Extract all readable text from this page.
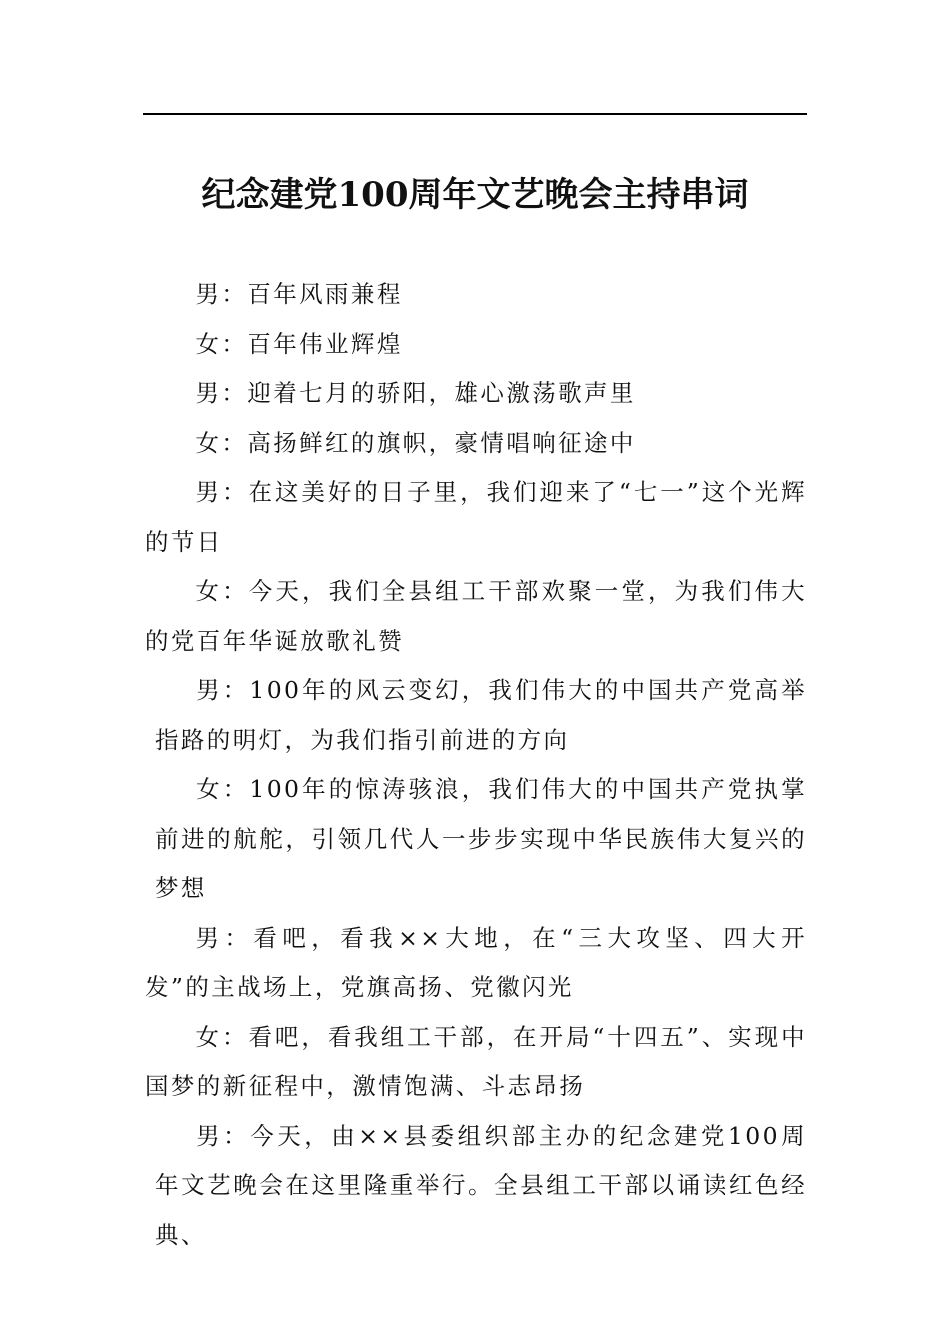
纪念建党100周年文艺晚会主持串词

男：百年风雨兼程

女：百年伟业辉煌

男：迎着七月的骄阳，雄心激荡歌声里

女：高扬鲜红的旗帜，豪情唱响征途中

男：在这美好的日子里，我们迎来了“七一”这个光辉的节日

女：今天，我们全县组工干部欢聚一堂，为我们伟大的党百年华诞放歌礼赞

男：100年的风云变幻，我们伟大的中国共产党高举指路的明灯，为我们指引前进的方向

女：100年的惊涛骇浪，我们伟大的中国共产党执掌前进的航舵，引领几代人一步步实现中华民族伟大复兴的梦想

男：看吧，看我××大地，在“三大攻坚、四大开发”的主战场上，党旗高扬、党徽闪光

女：看吧，看我组工干部，在开局“十四五”、实现中国梦的新征程中，激情饱满、斗志昂扬

男：今天，由××县委组织部主办的纪念建党100周年文艺晚会在这里隆重举行。全县组工干部以诵读红色经典、
